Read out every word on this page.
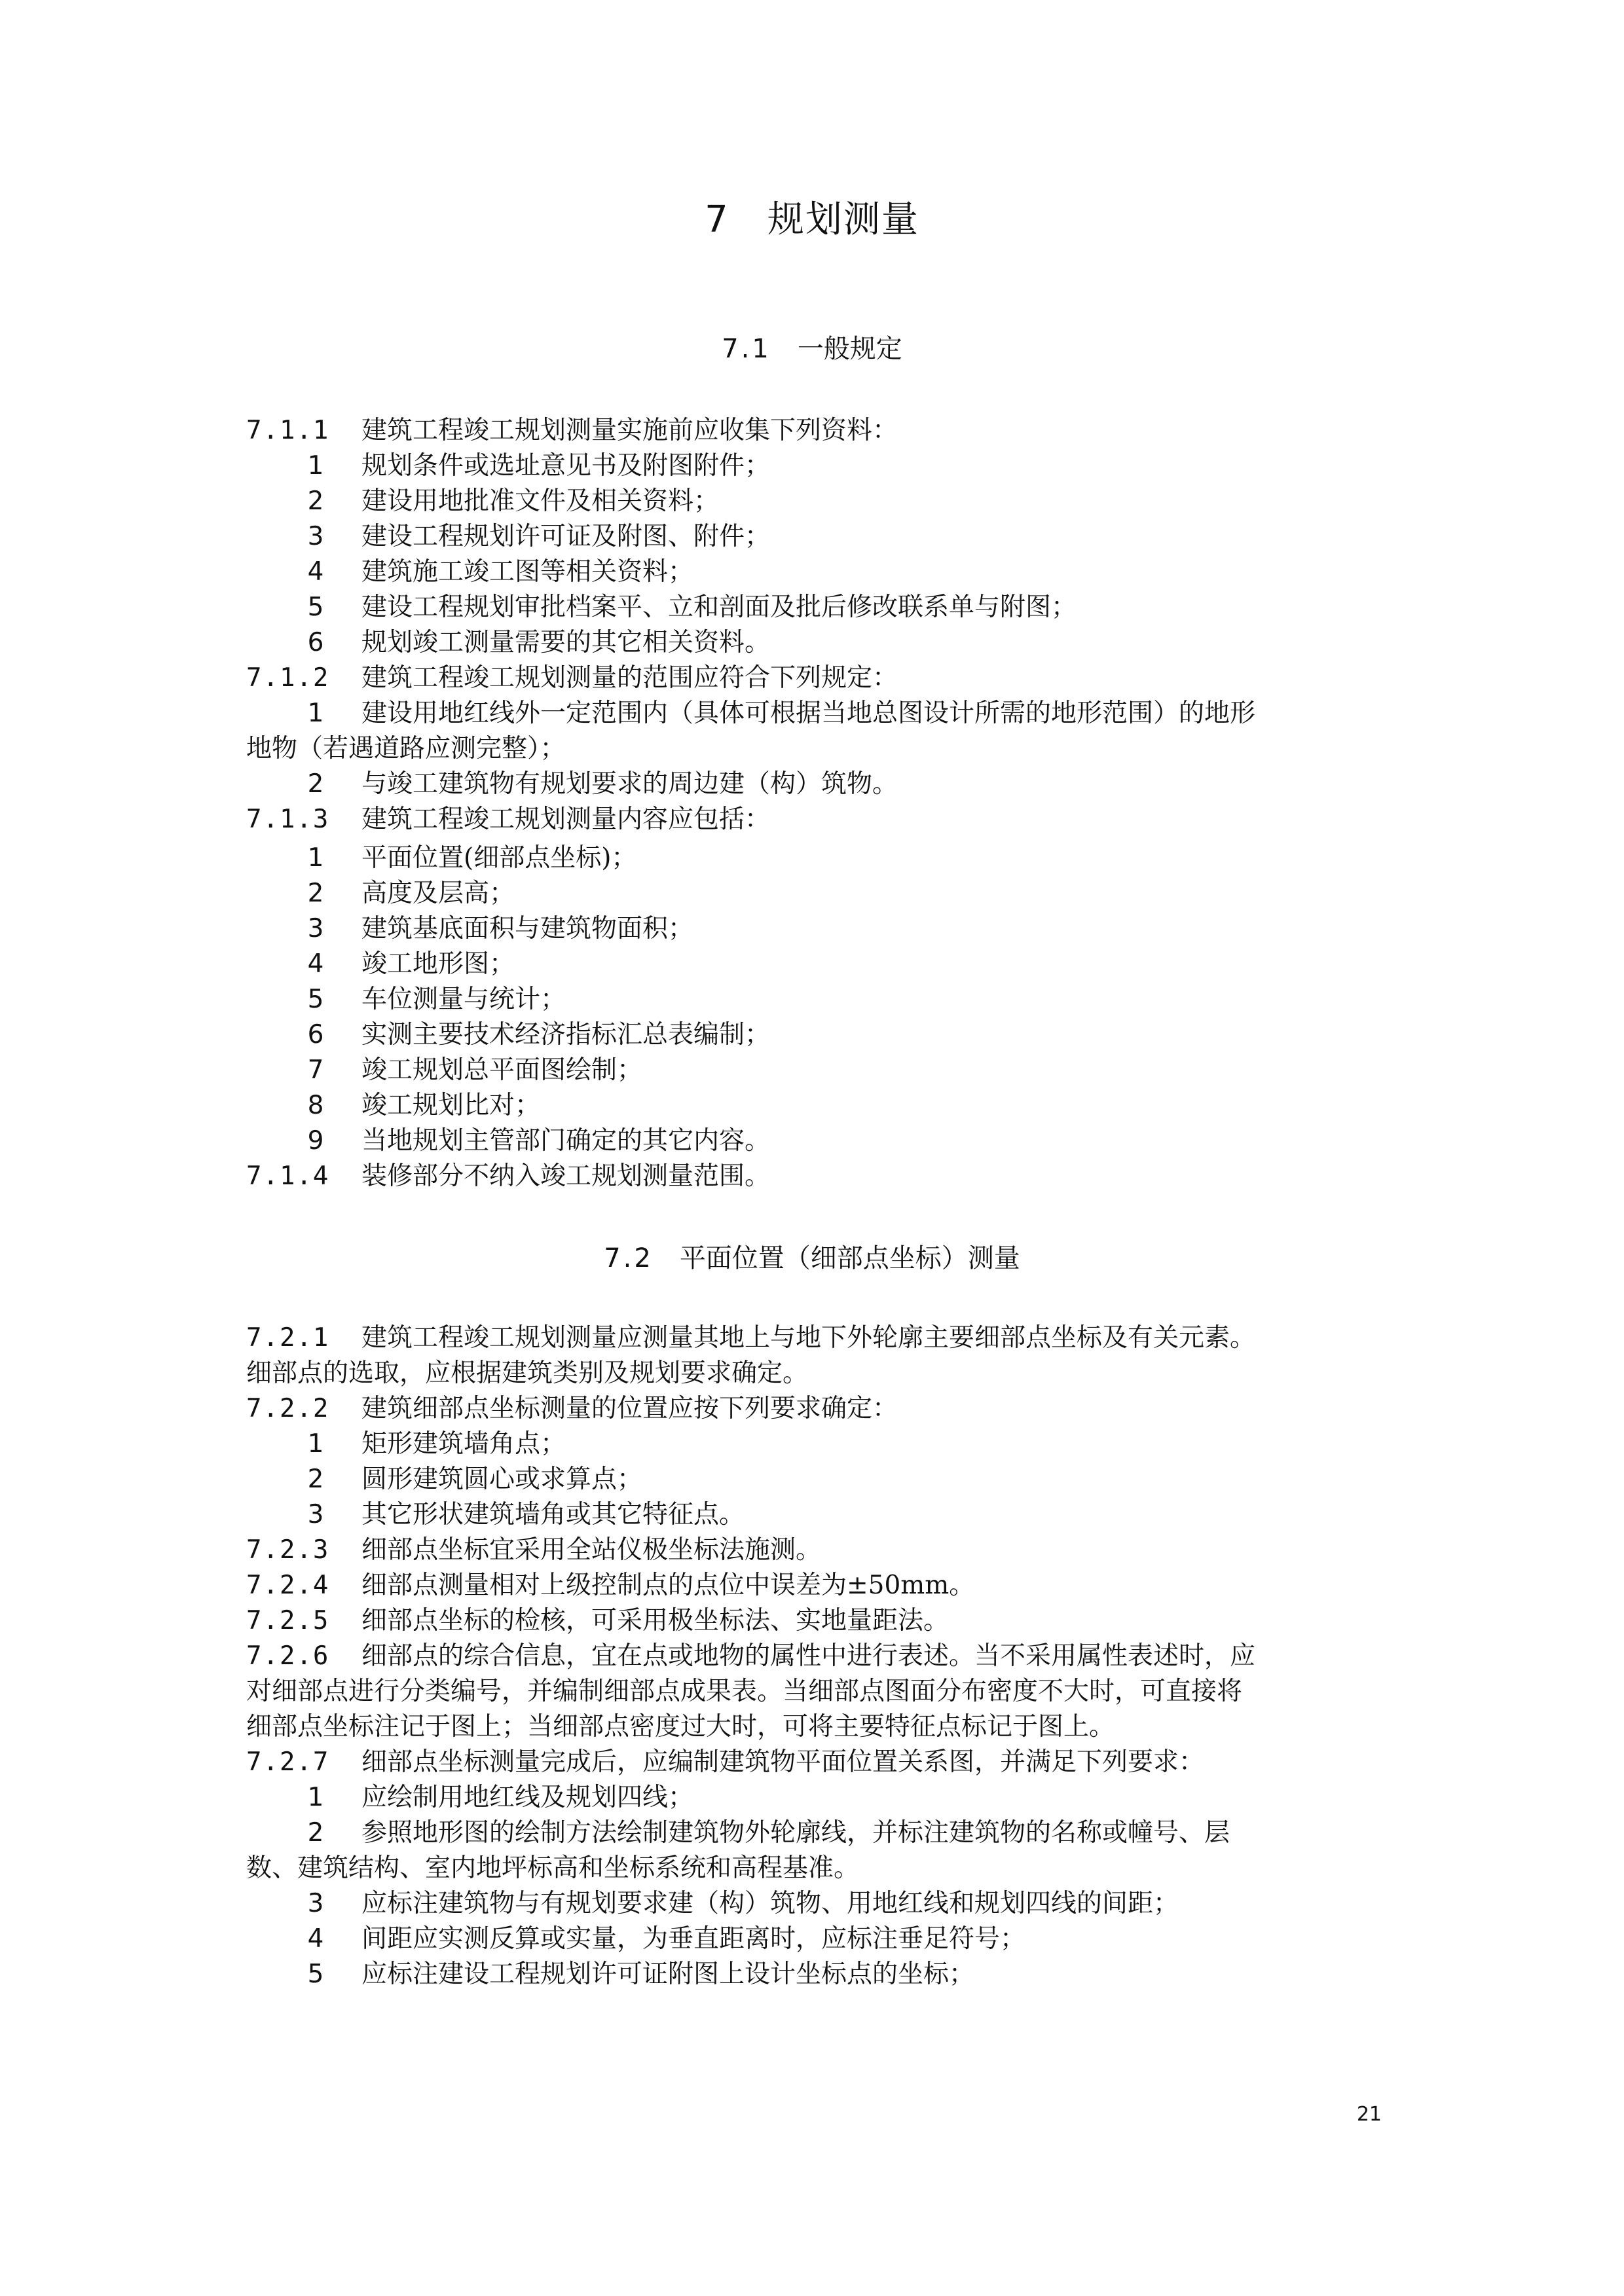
7 规划测量
7.1 一般规定
7.1.1 建筑工程竣工规划测量实施前应收集下列资料：
1 规划条件或选址意见书及附图附件；
2 建设用地批准文件及相关资料；
3 建设工程规划许可证及附图、附件；
4 建筑施工竣工图等相关资料；
5 建设工程规划审批档案平、立和剖面及批后修改联系单与附图；
6 规划竣工测量需要的其它相关资料。
7.1.2 建筑工程竣工规划测量的范围应符合下列规定：
1 建设用地红线外一定范围内（具体可根据当地总图设计所需的地形范围）的地形
地物（若遇道路应测完整）；
2 与竣工建筑物有规划要求的周边建（构）筑物。
7.1.3 建筑工程竣工规划测量内容应包括：
1 平面位置(细部点坐标)；
2 高度及层高；
3 建筑基底面积与建筑物面积；
4 竣工地形图；
5 车位测量与统计；
6 实测主要技术经济指标汇总表编制；
7 竣工规划总平面图绘制；
8 竣工规划比对；
9 当地规划主管部门确定的其它内容。
7.1.4 装修部分不纳入竣工规划测量范围。
7.2 平面位置（细部点坐标）测量
7.2.1 建筑工程竣工规划测量应测量其地上与地下外轮廓主要细部点坐标及有关元素。
细部点的选取，应根据建筑类别及规划要求确定。
7.2.2 建筑细部点坐标测量的位置应按下列要求确定：
1 矩形建筑墙角点；
2 圆形建筑圆心或求算点；
3 其它形状建筑墙角或其它特征点。
7.2.3 细部点坐标宜采用全站仪极坐标法施测。
7.2.4 细部点测量相对上级控制点的点位中误差为±50mm。
7.2.5 细部点坐标的检核，可采用极坐标法、实地量距法。
7.2.6 细部点的综合信息，宜在点或地物的属性中进行表述。当不采用属性表述时，应
对细部点进行分类编号，并编制细部点成果表。当细部点图面分布密度不大时，可直接将
细部点坐标注记于图上；当细部点密度过大时，可将主要特征点标记于图上。
7.2.7 细部点坐标测量完成后，应编制建筑物平面位置关系图，并满足下列要求：
1 应绘制用地红线及规划四线；
2 参照地形图的绘制方法绘制建筑物外轮廓线，并标注建筑物的名称或幢号、层
数、建筑结构、室内地坪标高和坐标系统和高程基准。
3 应标注建筑物与有规划要求建（构）筑物、用地红线和规划四线的间距；
4 间距应实测反算或实量，为垂直距离时，应标注垂足符号；
5 应标注建设工程规划许可证附图上设计坐标点的坐标；
21
